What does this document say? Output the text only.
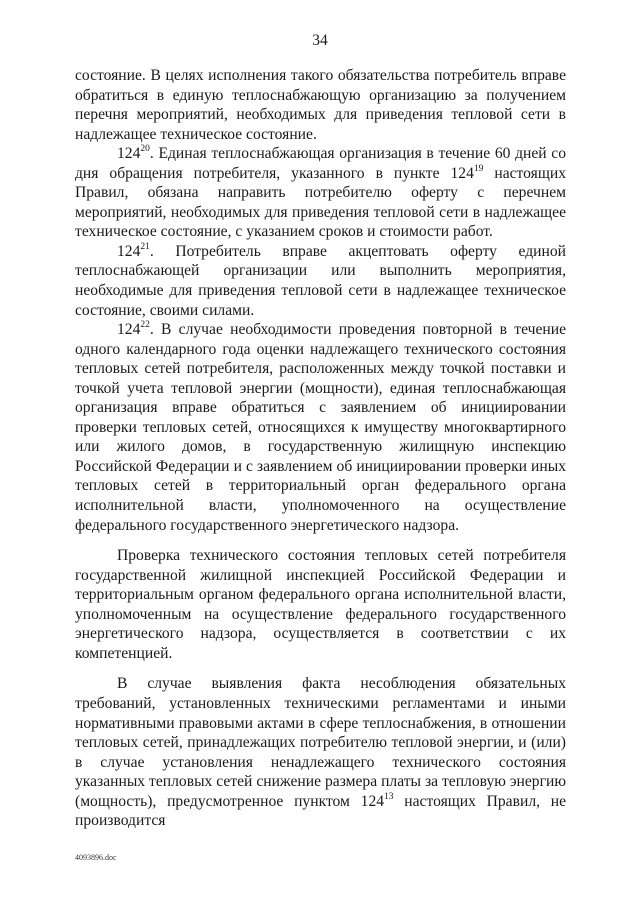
34

состояние. В целях исполнения такого обязательства потребитель вправе обратиться в единую теплоснабжающую организацию за получением перечня мероприятий, необходимых для приведения тепловой сети в надлежащее техническое состояние.

$124^{20}$. Единая теплоснабжающая организация в течение 60 дней со дня обращения потребителя, указанного в пункте $124^{19}$ настоящих Правил, обязана направить потребителю оферту с перечнем мероприятий, необходимых для приведения тепловой сети в надлежащее техническое состояние, с указанием сроков и стоимости работ.

$124^{21}$. Потребитель вправе акцептовать оферту единой теплоснабжающей организации или выполнить мероприятия, необходимые для приведения тепловой сети в надлежащее техническое состояние, своими силами.

$124^{22}$. В случае необходимости проведения повторной в течение одного календарного года оценки надлежащего технического состояния тепловых сетей потребителя, расположенных между точкой поставки и точкой учета тепловой энергии (мощности), единая теплоснабжающая организация вправе обратиться с заявлением об инициировании проверки тепловых сетей, относящихся к имуществу многоквартирного или жилого домов, в государственную жилищную инспекцию Российской Федерации и с заявлением об инициировании проверки иных тепловых сетей в территориальный орган федерального органа исполнительной власти, уполномоченного на осуществление федерального государственного энергетического надзора.

Проверка технического состояния тепловых сетей потребителя государственной жилищной инспекцией Российской Федерации и территориальным органом федерального органа исполнительной власти, уполномоченным на осуществление федерального государственного энергетического надзора, осуществляется в соответствии с их компетенцией.

В случае выявления факта несоблюдения обязательных требований, установленных техническими регламентами и иными нормативными правовыми актами в сфере теплоснабжения, в отношении тепловых сетей, принадлежащих потребителю тепловой энергии, и (или) в случае установления ненадлежащего технического состояния указанных тепловых сетей снижение размера платы за тепловую энергию (мощность), предусмотренное пунктом $124^{13}$ настоящих Правил, не производится

4093896.doc
